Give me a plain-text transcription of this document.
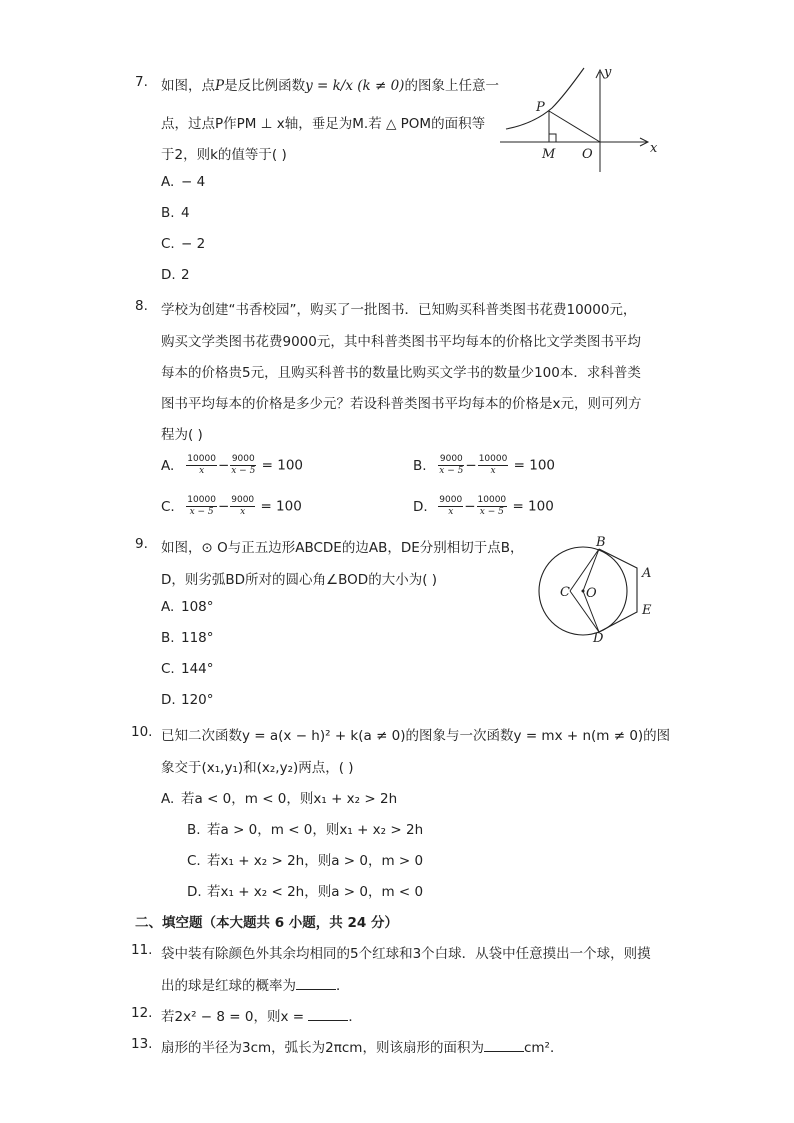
7. 如图，点P是反比例函数y = k/x (k ≠ 0)的图象上任意一
点，过点P作PM ⊥ x轴，垂足为M.若 △ POM的面积等
于2，则k的值等于( )
A. − 4
B. 4
C. − 2
D. 2
P
M O	x
y
8. 学校为创建“书香校园”，购买了一批图书．已知购买科普类图书花费10000元，
购买文学类图书花费9000元，其中科普类图书平均每本的价格比文学类图书平均
每本的价格贵5元，且购买科普书的数量比购买文学书的数量少100本．求科普类
图书平均每本的价格是多少元？若设科普类图书平均每本的价格是x元，则可列方
程为( )
A. $\frac{10000}{x} - \frac{9000}{x - 5} = 100$	B. $\frac{9000}{x - 5} - \frac{10000}{x} = 100$
C. $\frac{10000}{x - 5} - \frac{9000}{x} = 100$	D. $\frac{9000}{x} - \frac{10000}{x - 5} = 100$
9. 如图，⊙ O与正五边形ABCDE的边AB，DE分别相切于点B，
D，则劣弧BD所对的圆心角∠BOD的大小为( )
A. 108°
B. 118°
C. 144°
D. 120°
B
A
E
D
C O
10. 已知二次函数y = a(x − h)² + k(a ≠ 0)的图象与一次函数y = mx + n(m ≠ 0)的图
象交于(x₁,y₁)和(x₂,y₂)两点，( )
A. 若a < 0，m < 0，则x₁ + x₂ > 2h
B. 若a > 0，m < 0，则x₁ + x₂ > 2h
C. 若x₁ + x₂ > 2h，则a > 0，m > 0
D. 若x₁ + x₂ < 2h，则a > 0，m < 0
二、填空题（本大题共 6 小题，共 24 分）
11. 袋中装有除颜色外其余均相同的5个红球和3个白球．从袋中任意摸出一个球，则摸
出的球是红球的概率为	．
12. 若2x² − 8 = 0，则x =	．
13. 扇形的半径为3cm，弧长为2πcm，则该扇形的面积为	cm²．
